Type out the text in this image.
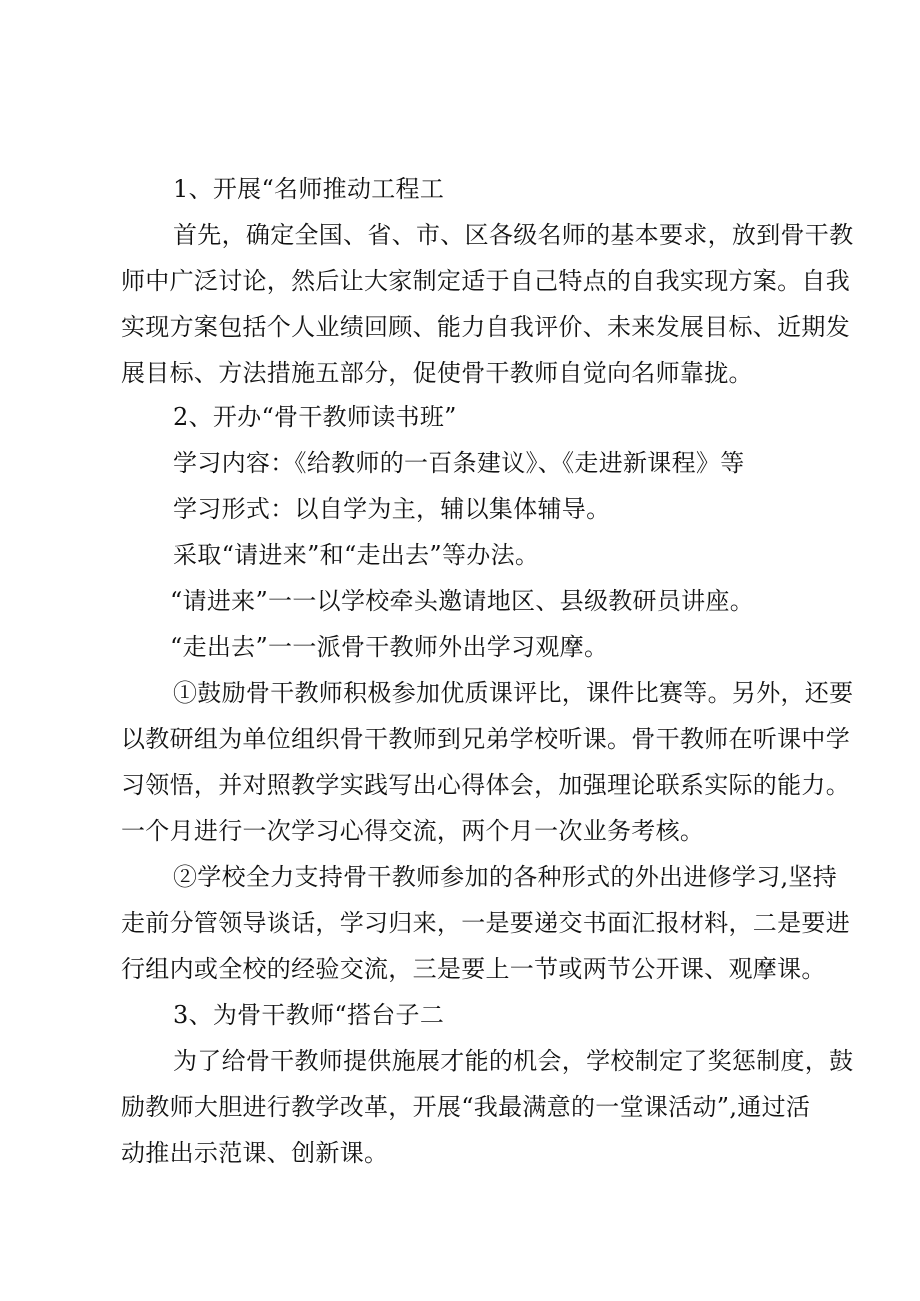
1、开展“名师推动工程工
首先，确定全国、省、市、区各级名师的基本要求，放到骨干教
师中广泛讨论，然后让大家制定适于自己特点的自我实现方案。自我
实现方案包括个人业绩回顾、能力自我评价、未来发展目标、近期发
展目标、方法措施五部分，促使骨干教师自觉向名师靠拢。
2、开办“骨干教师读书班”
学习内容：《给教师的一百条建议》、《走进新课程》等
学习形式：以自学为主，辅以集体辅导。
采取“请进来”和“走出去”等办法。
“请进来”一一以学校牵头邀请地区、县级教研员讲座。
“走出去”一一派骨干教师外出学习观摩。
①鼓励骨干教师积极参加优质课评比，课件比赛等。另外，还要
以教研组为单位组织骨干教师到兄弟学校听课。骨干教师在听课中学
习领悟，并对照教学实践写出心得体会，加强理论联系实际的能力。
一个月进行一次学习心得交流，两个月一次业务考核。
②学校全力支持骨干教师参加的各种形式的外出进修学习,坚持
走前分管领导谈话，学习归来，一是要递交书面汇报材料，二是要进
行组内或全校的经验交流，三是要上一节或两节公开课、观摩课。
3、为骨干教师“搭台子二
为了给骨干教师提供施展才能的机会，学校制定了奖惩制度，鼓
励教师大胆进行教学改革，开展“我最满意的一堂课活动”,通过活
动推出示范课、创新课。
